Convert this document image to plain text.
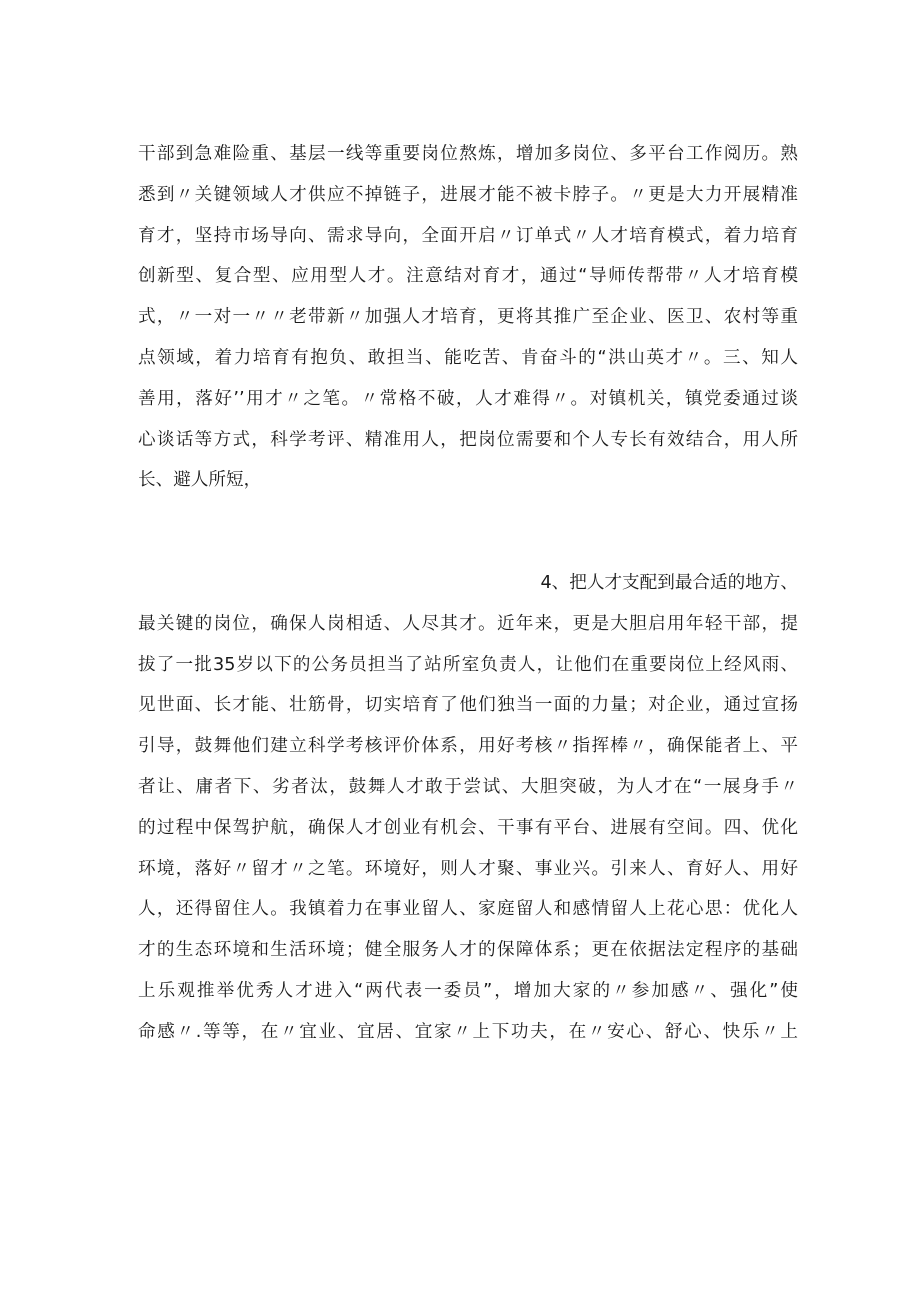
干部到急难险重、基层一线等重要岗位熬炼，增加多岗位、多平台工作阅历。熟
悉到〃关键领域人才供应不掉链子，进展才能不被卡脖子。〃更是大力开展精准
育才，坚持市场导向、需求导向，全面开启〃订单式〃人才培育模式，着力培育
创新型、复合型、应用型人才。注意结对育才，通过“导师传帮带〃人才培育模
式，〃一对一〃〃老带新〃加强人才培育，更将其推广至企业、医卫、农村等重
点领域，着力培育有抱负、敢担当、能吃苦、肯奋斗的“洪山英才〃。三、知人
善用，落好’’用才〃之笔。〃常格不破，人才难得〃。对镇机关，镇党委通过谈
心谈话等方式，科学考评、精准用人，把岗位需要和个人专长有效结合，用人所
长、避人所短，
4、把人才支配到最合适的地方、
最关键的岗位，确保人岗相适、人尽其才。近年来，更是大胆启用年轻干部，提
拔了一批35岁以下的公务员担当了站所室负责人，让他们在重要岗位上经风雨、
见世面、长才能、壮筋骨，切实培育了他们独当一面的力量；对企业，通过宣扬
引导，鼓舞他们建立科学考核评价体系，用好考核〃指挥棒〃，确保能者上、平
者让、庸者下、劣者汰，鼓舞人才敢于尝试、大胆突破，为人才在“一展身手〃
的过程中保驾护航，确保人才创业有机会、干事有平台、进展有空间。四、优化
环境，落好〃留才〃之笔。环境好，则人才聚、事业兴。引来人、育好人、用好
人，还得留住人。我镇着力在事业留人、家庭留人和感情留人上花心思：优化人
才的生态环境和生活环境；健全服务人才的保障体系；更在依据法定程序的基础
上乐观推举优秀人才进入“两代表一委员”，增加大家的〃参加感〃、强化”使
命感〃.等等，在〃宜业、宜居、宜家〃上下功夫，在〃安心、舒心、快乐〃上
